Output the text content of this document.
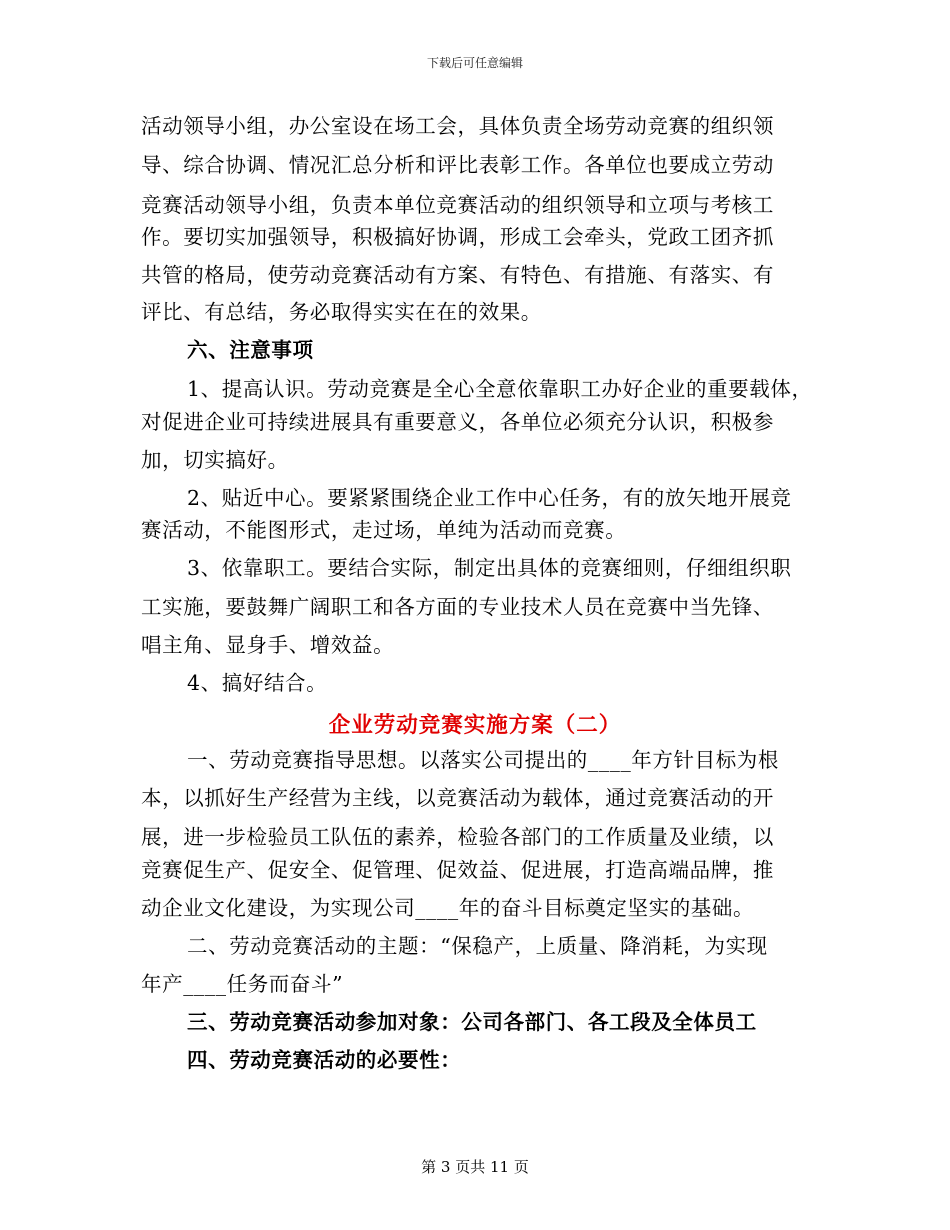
下载后可任意编辑
活动领导小组，办公室设在场工会，具体负责全场劳动竞赛的组织领
导、综合协调、情况汇总分析和评比表彰工作。各单位也要成立劳动
竞赛活动领导小组，负责本单位竞赛活动的组织领导和立项与考核工
作。要切实加强领导，积极搞好协调，形成工会牵头，党政工团齐抓
共管的格局，使劳动竞赛活动有方案、有特色、有措施、有落实、有
评比、有总结，务必取得实实在在的效果。
六、注意事项
1、提高认识。劳动竞赛是全心全意依靠职工办好企业的重要载体，
对促进企业可持续进展具有重要意义，各单位必须充分认识，积极参
加，切实搞好。
2、贴近中心。要紧紧围绕企业工作中心任务，有的放矢地开展竞
赛活动，不能图形式，走过场，单纯为活动而竞赛。
3、依靠职工。要结合实际，制定出具体的竞赛细则，仔细组织职
工实施，要鼓舞广阔职工和各方面的专业技术人员在竞赛中当先锋、
唱主角、显身手、增效益。
4、搞好结合。
企业劳动竞赛实施方案（二）
一、劳动竞赛指导思想。以落实公司提出的____年方针目标为根
本，以抓好生产经营为主线，以竞赛活动为载体，通过竞赛活动的开
展，进一步检验员工队伍的素养，检验各部门的工作质量及业绩，以
竞赛促生产、促安全、促管理、促效益、促进展，打造高端品牌，推
动企业文化建设，为实现公司____年的奋斗目标奠定坚实的基础。
二、劳动竞赛活动的主题：“保稳产，上质量、降消耗，为实现
年产____任务而奋斗”
三、劳动竞赛活动参加对象：公司各部门、各工段及全体员工
四、劳动竞赛活动的必要性：
第 3 页共 11 页
